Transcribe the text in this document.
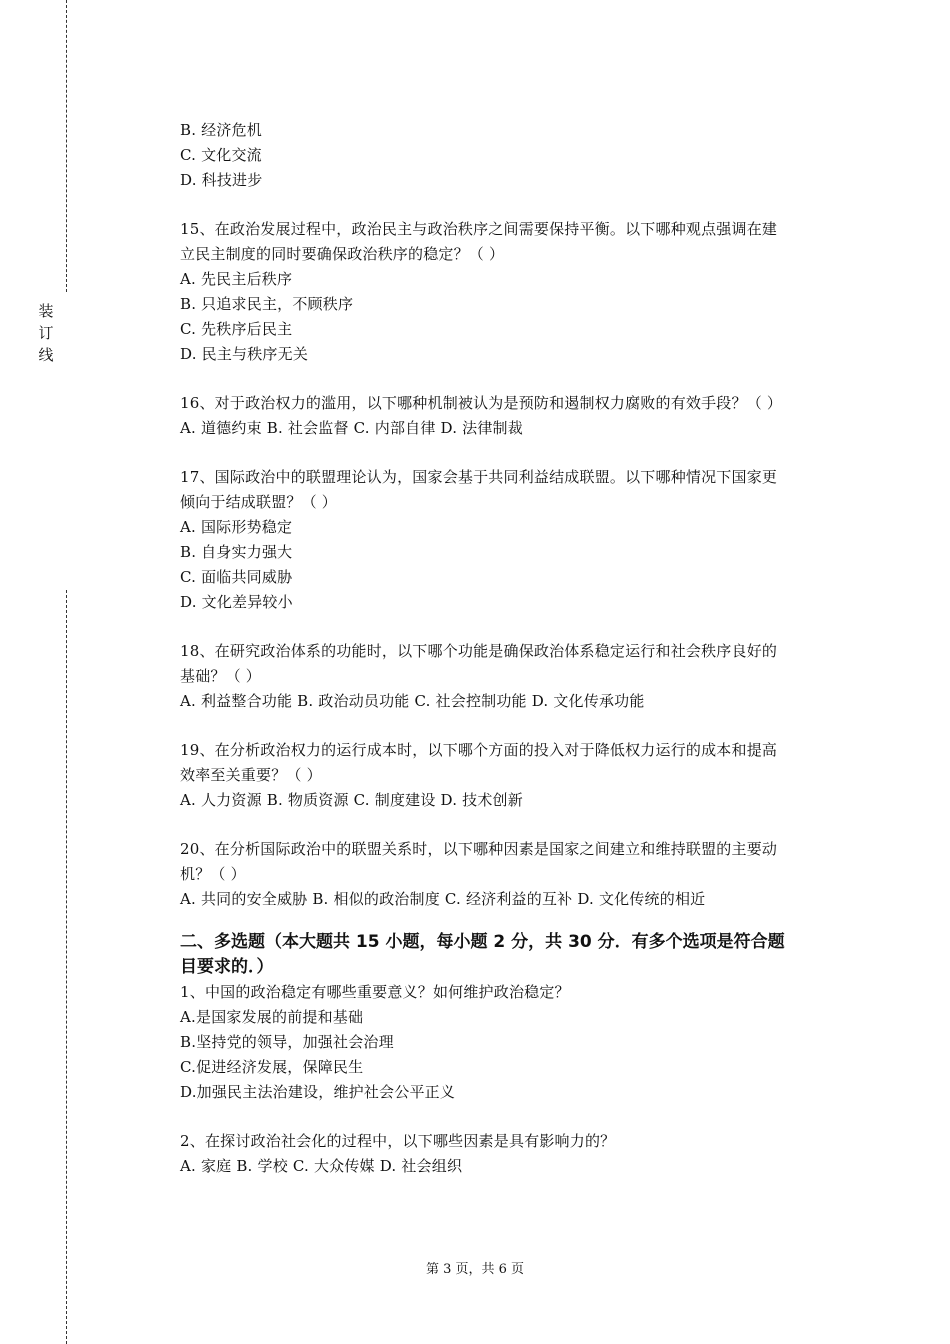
装
订
线
B. 经济危机
C. 文化交流
D. 科技进步
15、在政治发展过程中，政治民主与政治秩序之间需要保持平衡。以下哪种观点强调在建
立民主制度的同时要确保政治秩序的稳定？（ ）
A. 先民主后秩序
B. 只追求民主，不顾秩序
C. 先秩序后民主
D. 民主与秩序无关
16、对于政治权力的滥用，以下哪种机制被认为是预防和遏制权力腐败的有效手段？（ ）
A. 道德约束 B. 社会监督 C. 内部自律 D. 法律制裁
17、国际政治中的联盟理论认为，国家会基于共同利益结成联盟。以下哪种情况下国家更
倾向于结成联盟？（ ）
A. 国际形势稳定
B. 自身实力强大
C. 面临共同威胁
D. 文化差异较小
18、在研究政治体系的功能时，以下哪个功能是确保政治体系稳定运行和社会秩序良好的
基础？（ ）
A. 利益整合功能 B. 政治动员功能 C. 社会控制功能 D. 文化传承功能
19、在分析政治权力的运行成本时，以下哪个方面的投入对于降低权力运行的成本和提高
效率至关重要？（ ）
A. 人力资源 B. 物质资源 C. 制度建设 D. 技术创新
20、在分析国际政治中的联盟关系时，以下哪种因素是国家之间建立和维持联盟的主要动
机？（ ）
A. 共同的安全威胁 B. 相似的政治制度 C. 经济利益的互补 D. 文化传统的相近
二、多选题（本大题共 15 小题，每小题 2 分，共 30 分．有多个选项是符合题
目要求的．）
1、中国的政治稳定有哪些重要意义？如何维护政治稳定？
A.是国家发展的前提和基础
B.坚持党的领导，加强社会治理
C.促进经济发展，保障民生
D.加强民主法治建设，维护社会公平正义
2、在探讨政治社会化的过程中，以下哪些因素是具有影响力的？
A. 家庭 B. 学校 C. 大众传媒 D. 社会组织
第 3 页，共 6 页
